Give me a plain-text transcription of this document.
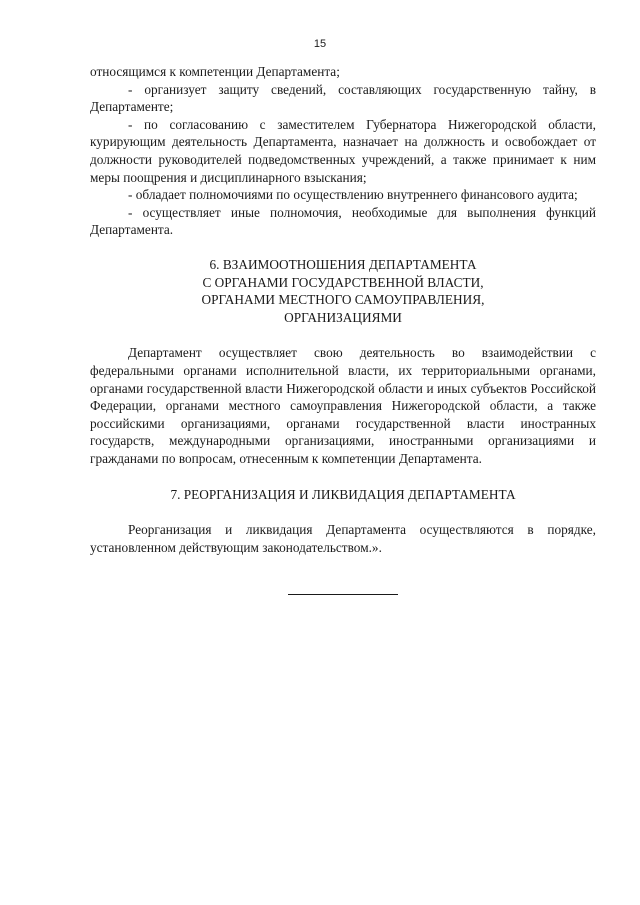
15

относящимся к компетенции Департамента;

- организует защиту сведений, составляющих государственную тайну, в Департаменте;

- по согласованию с заместителем Губернатора Нижегородской области, курирующим деятельность Департамента, назначает на должность и освобождает от должности руководителей подведомственных учреждений, а также принимает к ним меры поощрения и дисциплинарного взыскания;

- обладает полномочиями по осуществлению внутреннего финансового аудита;

- осуществляет иные полномочия, необходимые для выполнения функций Департамента.

6. ВЗАИМООТНОШЕНИЯ ДЕПАРТАМЕНТА
С ОРГАНАМИ ГОСУДАРСТВЕННОЙ ВЛАСТИ,
ОРГАНАМИ МЕСТНОГО САМОУПРАВЛЕНИЯ,
ОРГАНИЗАЦИЯМИ

Департамент осуществляет свою деятельность во взаимодействии с федеральными органами исполнительной власти, их территориальными органами, органами государственной власти Нижегородской области и иных субъектов Российской Федерации, органами местного самоуправления Нижегородской области, а также российскими организациями, органами государственной власти иностранных государств, международными организациями, иностранными организациями и гражданами по вопросам, отнесенным к компетенции Департамента.

7. РЕОРГАНИЗАЦИЯ И ЛИКВИДАЦИЯ ДЕПАРТАМЕНТА

Реорганизация и ликвидация Департамента осуществляются в порядке, установленном действующим законодательством.».
